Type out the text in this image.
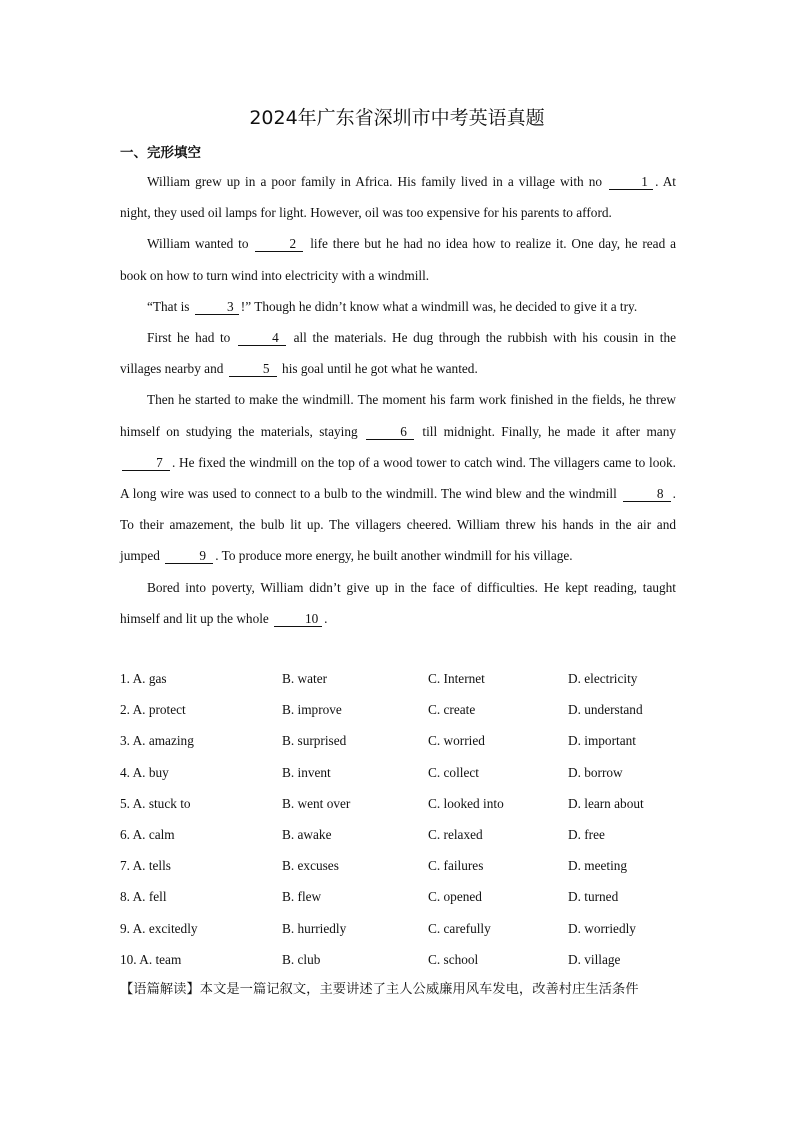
2024年广东省深圳市中考英语真题
一、完形填空

William grew up in a poor family in Africa. His family lived in a village with no	1 . At night, they used oil lamps for light. However, oil was too expensive for his parents to afford.

William wanted to	2 life there but he had no idea how to realize it. One day, he read a book on how to turn wind into electricity with a windmill.

“That is	3 !” Though he didn’t know what a windmill was, he decided to give it a try.

First he had to	4 all the materials. He dug through the rubbish with his cousin in the villages nearby and	5 his goal until he got what he wanted.

Then he started to make the windmill. The moment his farm work finished in the fields, he threw himself on studying the materials, staying	6 till midnight. Finally, he made it after many 7 . He fixed the windmill on the top of a wood tower to catch wind. The villagers came to look. A long wire was used to connect to a bulb to the windmill. The wind blew and the windmill	8 . To their amazement, the bulb lit up. The villagers cheered. William threw his hands in the air and jumped	9 . To produce more energy, he built another windmill for his village.

Bored into poverty, William didn’t give up in the face of difficulties. He kept reading, taught himself and lit up the whole 10 .

1. A. gas	B. water	C. Internet	D. electricity
2. A. protect	B. improve	C. create	D. understand
3. A. amazing	B. surprised	C. worried	D. important
4. A. buy	B. invent	C. collect	D. borrow
5. A. stuck to	B. went over	C. looked into	D. learn about
6. A. calm	B. awake	C. relaxed	D. free
7. A. tells	B. excuses	C. failures	D. meeting
8. A. fell	B. flew	C. opened	D. turned
9. A. excitedly	B. hurriedly	C. carefully	D. worriedly
10. A. team	B. club	C. school	D. village
【语篇解读】本文是一篇记叙文，主要讲述了主人公威廉用风车发电，改善村庄生活条件
